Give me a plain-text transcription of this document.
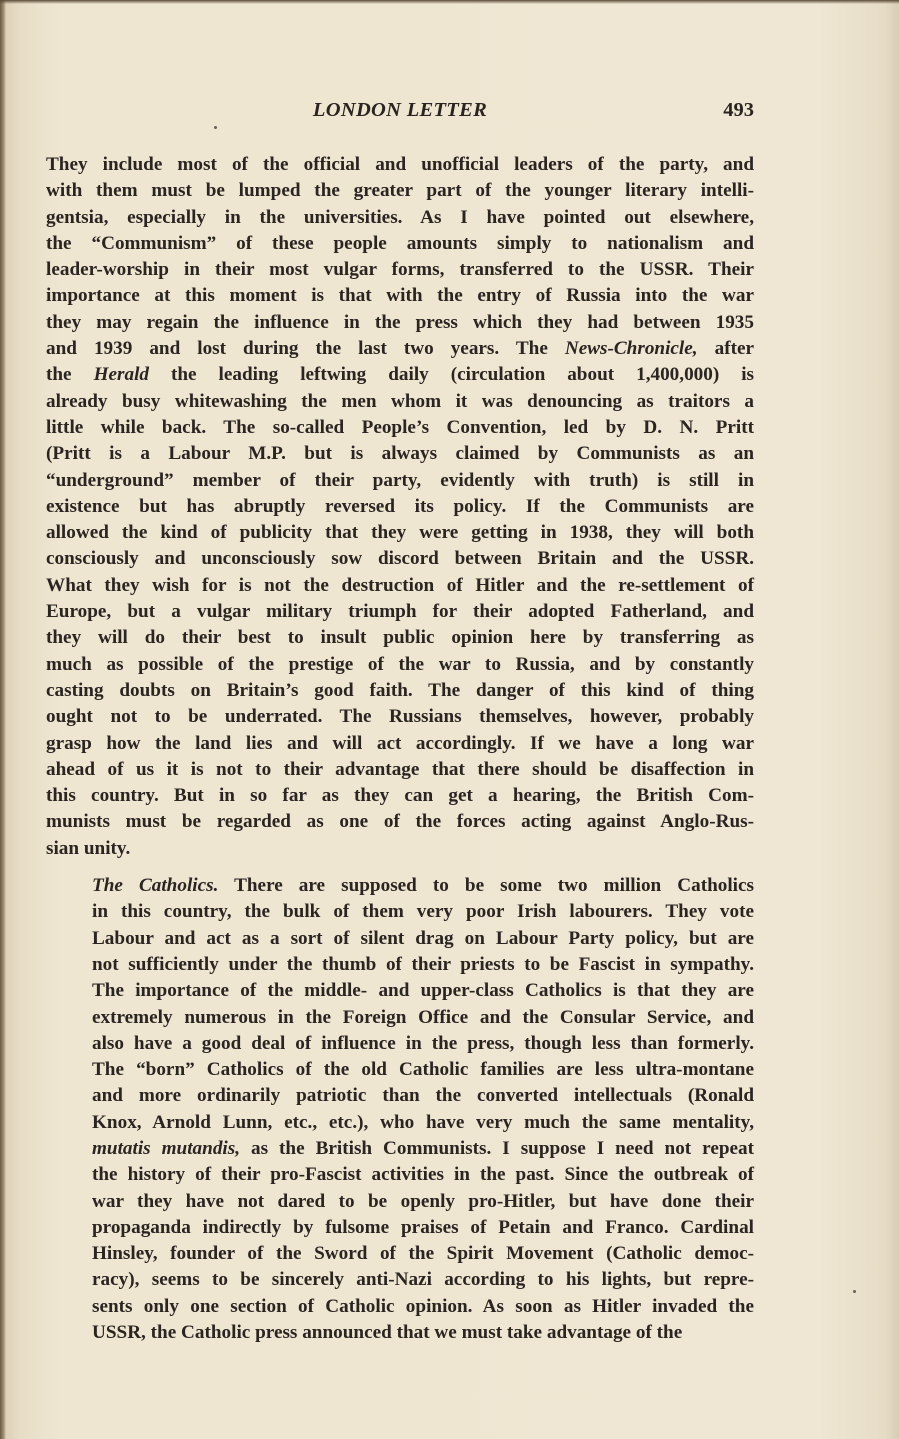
LONDON LETTER	493

They include most of the official and unofficial leaders of the party, and
with them must be lumped the greater part of the younger literary intelli-
gentsia, especially in the universities. As I have pointed out elsewhere,
the “Communism” of these people amounts simply to nationalism and
leader-worship in their most vulgar forms, transferred to the USSR. Their
importance at this moment is that with the entry of Russia into the war
they may regain the influence in the press which they had between 1935
and 1939 and lost during the last two years. The News-Chronicle, after
the Herald the leading leftwing daily (circulation about 1,400,000) is
already busy whitewashing the men whom it was denouncing as traitors a
little while back. The so-called People’s Convention, led by D. N. Pritt
(Pritt is a Labour M.P. but is always claimed by Communists as an
“underground” member of their party, evidently with truth) is still in
existence but has abruptly reversed its policy. If the Communists are
allowed the kind of publicity that they were getting in 1938, they will both
consciously and unconsciously sow discord between Britain and the USSR.
What they wish for is not the destruction of Hitler and the re-settlement of
Europe, but a vulgar military triumph for their adopted Fatherland, and
they will do their best to insult public opinion here by transferring as
much as possible of the prestige of the war to Russia, and by constantly
casting doubts on Britain’s good faith. The danger of this kind of thing
ought not to be underrated. The Russians themselves, however, probably
grasp how the land lies and will act accordingly. If we have a long war
ahead of us it is not to their advantage that there should be disaffection in
this country. But in so far as they can get a hearing, the British Com-
munists must be regarded as one of the forces acting against Anglo-Rus-
sian unity.

The Catholics. There are supposed to be some two million Catholics
in this country, the bulk of them very poor Irish labourers. They vote
Labour and act as a sort of silent drag on Labour Party policy, but are
not sufficiently under the thumb of their priests to be Fascist in sympathy.
The importance of the middle- and upper-class Catholics is that they are
extremely numerous in the Foreign Office and the Consular Service, and
also have a good deal of influence in the press, though less than formerly.
The “born” Catholics of the old Catholic families are less ultra-montane
and more ordinarily patriotic than the converted intellectuals (Ronald
Knox, Arnold Lunn, etc., etc.), who have very much the same mentality,
mutatis mutandis, as the British Communists. I suppose I need not repeat
the history of their pro-Fascist activities in the past. Since the outbreak of
war they have not dared to be openly pro-Hitler, but have done their
propaganda indirectly by fulsome praises of Petain and Franco. Cardinal
Hinsley, founder of the Sword of the Spirit Movement (Catholic democ-
racy), seems to be sincerely anti-Nazi according to his lights, but repre-
sents only one section of Catholic opinion. As soon as Hitler invaded the
USSR, the Catholic press announced that we must take advantage of the
